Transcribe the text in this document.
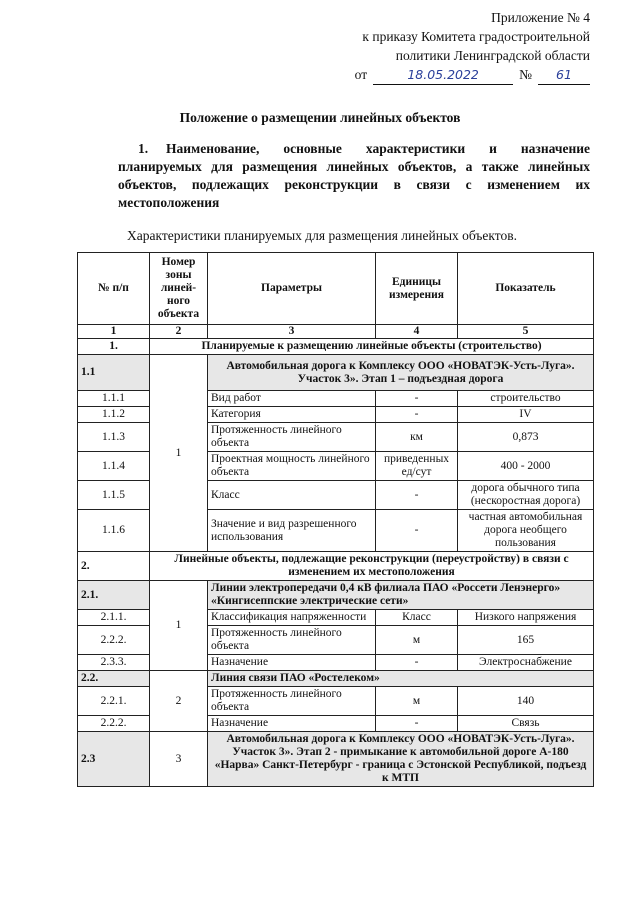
Приложение № 4
к приказу Комитета градостроительной
политики Ленинградской области
от	18.05.2022	№	61
Положение о размещении линейных объектов
1. Наименование, основные характеристики и назначение планируемых для размещения линейных объектов, а также линейных объектов, подлежащих реконструкции в связи с изменением их местоположения
Характеристики планируемых для размещения линейных объектов.
№ п/п	Номер зоны линей-ного объекта	Параметры	Единицы измерения	Показатель
1	2	3	4	5
1.	Планируемые к размещению линейные объекты (строительство)			
1.1	1	Автомобильная дорога к Комплексу ООО «НОВАТЭК-Усть-Луга». Участок 3». Этап 1 – подъездная дорога		
1.1.1		Вид работ	-	строительство
1.1.2		Категория	-	IV
1.1.3		Протяженность линейного объекта	км	0,873
1.1.4		Проектная мощность линейного объекта	приведенных ед/сут	400 - 2000
1.1.5		Класс	-	дорога обычного типа (нескоростная дорога)
1.1.6		Значение и вид разрешенного использования	-	частная автомобильная дорога необщего пользования
2.	Линейные объекты, подлежащие реконструкции (переустройству) в связи с изменением их местоположения			
2.1.	1	Линии электропередачи 0,4 кВ филиала ПАО «Россети Ленэнерго» «Кингисеппские электрические сети»		
2.1.1.		Классификация напряженности	Класс	Низкого напряжения
2.2.2.		Протяженность линейного объекта	м	165
2.3.3.		Назначение	-	Электроснабжение
2.2.	2	Линия связи ПАО «Ростелеком»		
2.2.1.		Протяженность линейного объекта	м	140
2.2.2.		Назначение	-	Связь
2.3	3	Автомобильная дорога к Комплексу ООО «НОВАТЭК-Усть-Луга». Участок 3». Этап 2 - примыкание к автомобильной дороге А-180 «Нарва» Санкт-Петербург - граница с Эстонской Республикой, подъезд к МТП		
